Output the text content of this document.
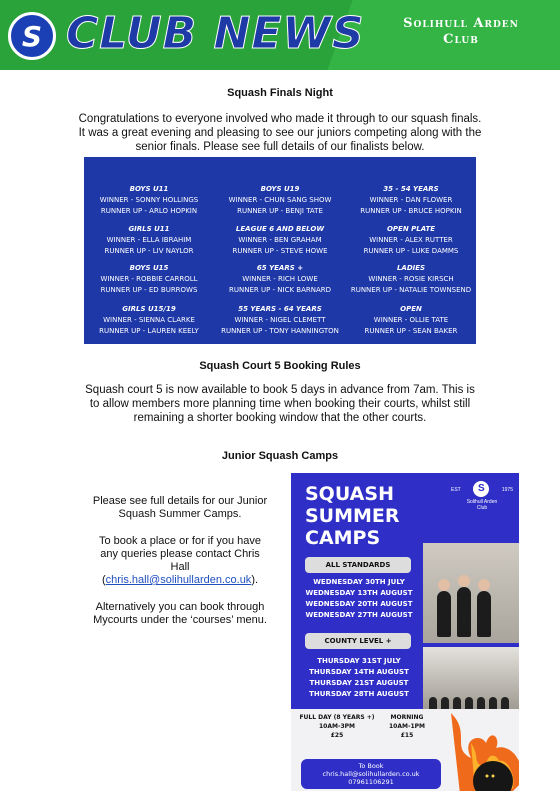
S CLUB NEWS	Solihull Arden
Club
Squash Finals Night
Congratulations to everyone involved who made it through to our squash finals. It was a great evening and pleasing to see our juniors competing along with the senior finals. Please see full details of our finalists below.
BOYS U11
WINNER - SONNY HOLLINGS
RUNNER UP - ARLO HOPKIN
BOYS U19
WINNER - CHUN SANG SHOW
RUNNER UP - BENJI TATE
35 - 54 YEARS
WINNER - DAN FLOWER
RUNNER UP - BRUCE HOPKIN
GIRLS U11
WINNER - ELLA IBRAHIM
RUNNER UP - LIV NAYLOR
LEAGUE 6 AND BELOW
WINNER - BEN GRAHAM
RUNNER UP - STEVE HOWE
OPEN PLATE
WINNER - ALEX RUTTER
RUNNER UP - LUKE DAMMS
BOYS U15
WINNER - ROBBIE CARROLL
RUNNER UP - ED BURROWS
65 YEARS +
WINNER - RICH LOWE
RUNNER UP - NICK BARNARD
LADIES
WINNER - ROSIE KIRSCH
RUNNER UP - NATALIE TOWNSEND
GIRLS U15/19
WINNER - SIENNA CLARKE
RUNNER UP - LAUREN KEELY
55 YEARS - 64 YEARS
WINNER - NIGEL CLEMETT
RUNNER UP - TONY HANNINGTON
OPEN
WINNER - OLLIE TATE
RUNNER UP - SEAN BAKER
Squash Court 5 Booking Rules
Squash court 5 is now available to book 5 days in advance from 7am. This is to allow members more planning time when booking their courts, whilst still remaining a shorter booking window that the other courts.
Junior Squash Camps
Please see full details for our Junior Squash Summer Camps.
To book a place or for if you have any queries please contact Chris Hall
(chris.hall@solihullarden.co.uk).
Alternatively you can book through Mycourts under the ‘courses’ menu.
SQUASH
SUMMER
CAMPS
EST	S	1975
Solihull Arden
Club
ALL STANDARDS
WEDNESDAY 30TH JULY
WEDNESDAY 13TH AUGUST
WEDNESDAY 20TH AUGUST
WEDNESDAY 27TH AUGUST
COUNTY LEVEL +
THURSDAY 31ST JULY
THURSDAY 14TH AUGUST
THURSDAY 21ST AUGUST
THURSDAY 28TH AUGUST
FULL DAY (8 YEARS +)
10AM-3PM
£25
MORNING
10AM-1PM
£15
To Book
chris.hall@solihullarden.co.uk
07961106291
